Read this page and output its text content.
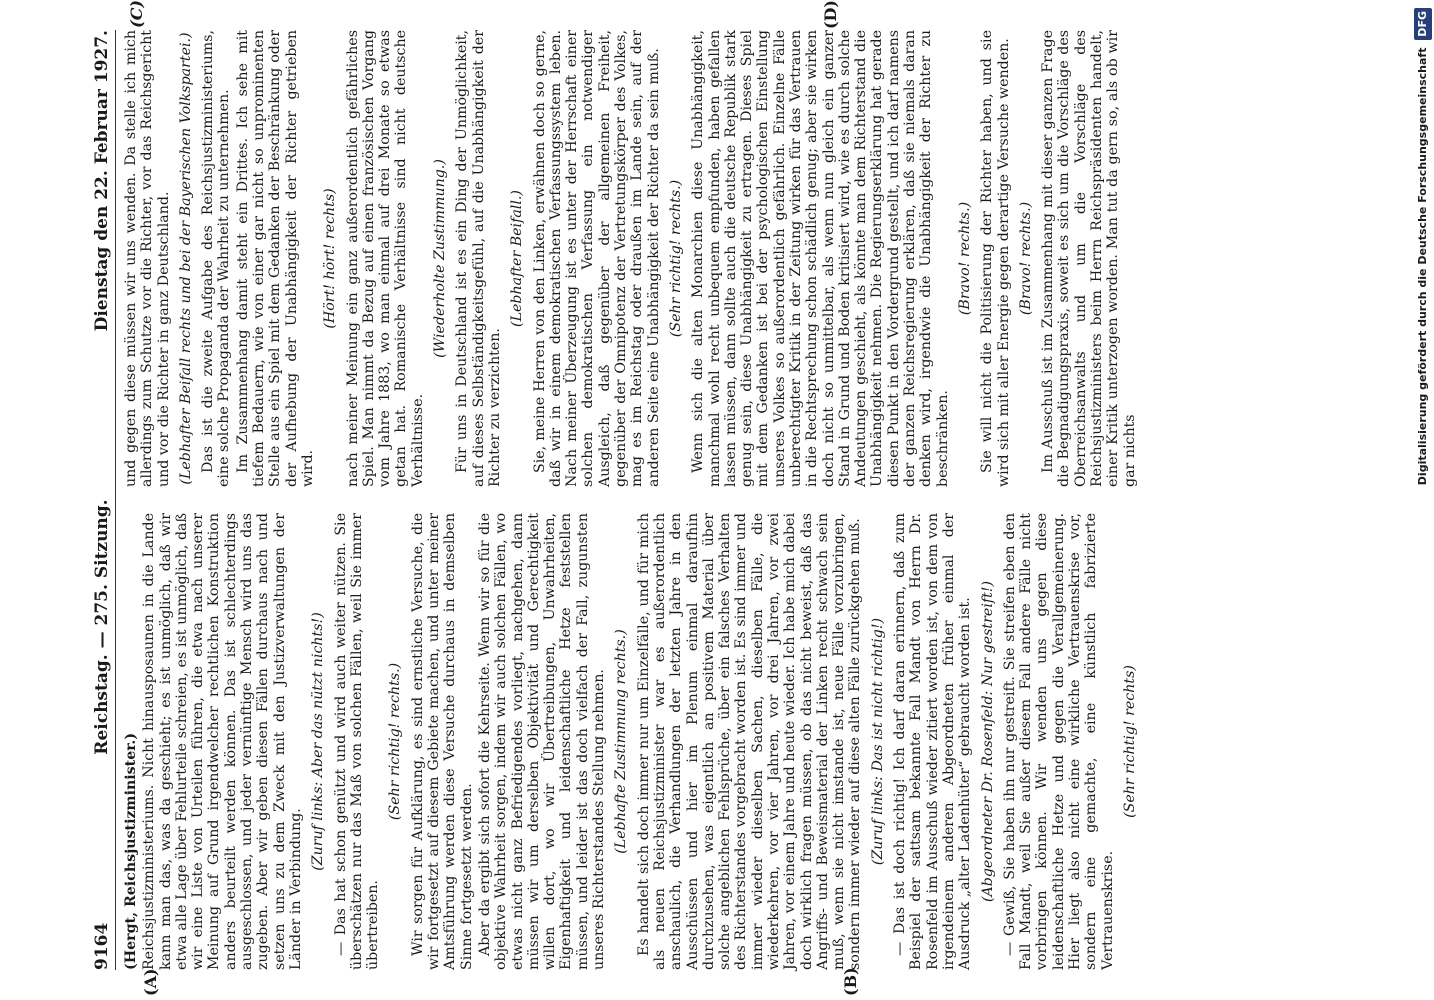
9164
Reichstag. — 275. Sitzung.
Dienstag den 22. Februar 1927.
(A)	(B)

(Hergt, Reichsjustizminister.) Reichsjustizministeriums. Nicht hinausposaunen in die Lande kann man das, was da geschieht; es ist unmöglich, daß wir etwa alle Lage über Fehlurteile schreien, es ist unmöglich, daß wir eine Liste von Urteilen führen, die etwa nach unserer Meinung auf Grund irgendwelcher rechtlichen Konstruktion anders beurteilt werden können. Das ist schlechterdings ausgeschlossen, und jeder vernünftige Mensch wird uns das zugeben. Aber wir geben diesen Fällen durchaus nach und setzen uns zu dem Zweck mit den Justizverwaltungen der Länder in Verbindung.

(Zuruf links: Aber das nützt nichts!) — Das hat schon genützt und wird auch weiter nützen. Sie überschätzen nur das Maß von solchen Fällen, weil Sie immer übertreiben.

(Sehr richtig! rechts.) Wir sorgen für Aufklärung, es sind ernstliche Versuche, die wir fortgesetzt auf diesem Gebiete machen, und unter meiner Amtsführung werden diese Versuche durchaus in demselben Sinne fortgesetzt werden. Aber da ergibt sich sofort die Kehrseite. Wenn wir so für die objektive Wahrheit sorgen, indem wir auch solchen Fällen, wo etwas nicht ganz Befriedigendes vorliegt, nachgehen, dann müssen wir um derselben Objektivität und Gerechtigkeit willen dort, wo wir Übertreibungen, Unwahrheiten, Eigenhaftigkeit und leidenschaftliche Hetze feststellen müssen, und leider ist das doch vielfach der Fall, zugunsten unseres Richterstandes Stellung nehmen. (Lebhafte Zustimmung rechts.) Es handelt sich doch immer nur um Einzelfälle, und für mich als neuen Reichsjustizminister war es außerordentlich anschaulich, die Verhandlungen der letzten Jahre in den Ausschüssen und hier im Plenum einmal daraufhin durchzusehen, was eigentlich an positivem Material über solche angeblichen Fehlsprüche, über ein falsches Verhalten des Richterstandes vorgebracht worden ist. Es sind immer und immer wieder dieselben Sachen, dieselben Fälle, die wiederkehren, vor vier Jahren, vor drei Jahren, vor zwei Jahren, vor einem Jahre und heute wieder. Ich habe mich dabei doch wirklich fragen müssen, ob das nicht beweist, daß das Angriffs- und Beweismaterial der Linken recht schwach sein muß, wenn sie nicht imstande ist, neue Fälle vorzubringen, sondern immer wieder auf diese alten Fälle zurückgehen muß. (Zuruf links: Das ist nicht richtig!) — Das ist doch richtig! Ich darf daran erinnern, daß zum Beispiel der sattsam bekannte Fall Mandt von Herrn Dr. Rosenfeld im Ausschuß wieder zitiert worden ist, von dem von irgendeinem anderen Abgeordneten früher einmal der Ausdruck „alter Ladenhüter“ gebraucht worden ist. (Abgeordneter Dr. Rosenfeld: Nur gestreift!) — Gewiß, Sie haben ihn nur gestreift. Sie streifen eben den Fall Mandt, weil Sie außer diesem Fall andere Fälle nicht vorbringen können. Wir wenden uns gegen diese leidenschaftliche Hetze und gegen die Verallgemeinerung. Hier liegt also nicht eine wirkliche Vertrauenskrise vor, sondern eine gemachte, eine künstlich fabrizierte Vertrauenskrise.

(Sehr richtig! rechts)

(C)	(D)

und gegen diese müssen wir uns wenden. Da stelle ich mich allerdings zum Schutze vor die Richter, vor das Reichsgericht und vor die Richter in ganz Deutschland. (Lebhafter Beifall rechts und bei der Bayerischen Volkspartei.) Das ist die zweite Aufgabe des Reichsjustizministeriums, eine solche Propaganda der Wahrheit zu unternehmen. Im Zusammenhang damit steht ein Drittes. Ich sehe mit tiefem Bedauern, wie von einer gar nicht so unprominenten Stelle aus ein Spiel mit dem Gedanken der Beschränkung oder der Aufhebung der Unabhängigkeit der Richter getrieben wird.

(Hört! hört! rechts) nach meiner Meinung ein ganz außerordentlich gefährliches Spiel. Man nimmt da Bezug auf einen französischen Vorgang vom Jahre 1883, wo man einmal auf drei Monate so etwas getan hat. Romanische Verhältnisse sind nicht deutsche Verhältnisse.

(Wiederholte Zustimmung.) Für uns in Deutschland ist es ein Ding der Unmöglichkeit, auf dieses Selbständigkeitsgefühl, auf die Unabhängigkeit der Richter zu verzichten.

(Lebhafter Beifall.) Sie, meine Herren von den Linken, erwähnen doch so gerne, daß wir in einem demokratischen Verfassungssystem leben. Nach meiner Überzeugung ist es unter der Herrschaft einer solchen demokratischen Verfassung ein notwendiger Ausgleich, daß gegenüber der allgemeinen Freiheit, gegenüber der Omnipotenz der Vertretungskörper des Volkes, mag es im Reichstag oder draußen im Lande sein, auf der anderen Seite eine Unabhängigkeit der Richter da sein muß. (Sehr richtig! rechts.) Wenn sich die alten Monarchien diese Unabhängigkeit, manchmal wohl recht unbequem empfunden, haben gefallen lassen müssen, dann sollte auch die deutsche Republik stark genug sein, diese Unabhängigkeit zu ertragen. Dieses Spiel mit dem Gedanken ist bei der psychologischen Einstellung unseres Volkes so außerordentlich gefährlich. Einzelne Fälle unberechtigter Kritik in der Zeitung wirken für das Vertrauen in die Rechtsprechung schon schädlich genug; aber sie wirken doch nicht so unmittelbar, als wenn nun gleich ein ganzer Stand in Grund und Boden kritisiert wird, wie es durch solche Andeutungen geschieht, als könnte man dem Richterstand die Unabhängigkeit nehmen. Die Regierungserklärung hat gerade diesen Punkt in den Vordergrund gestellt, und ich darf namens der ganzen Reichsregierung erklären, daß sie niemals daran denken wird, irgendwie die Unabhängigkeit der Richter zu beschränken.

(Bravo! rechts.) Sie will nicht die Politisierung der Richter haben, und sie wird sich mit aller Energie gegen derartige Versuche wenden. (Bravo! rechts.) Im Ausschuß ist im Zusammenhang mit dieser ganzen Frage die Begnadigungspraxis, soweit es sich um die Vorschläge des Oberreichsanwalts und um die Vorschläge des Reichsjustizministers beim Herrn Reichspräsidenten handelt, einer Kritik unterzogen worden. Man tut da gern so, als ob wir gar nichts	Digitalisierung gefördert durch die Deutsche Forschungsgemeinschaft DFG
